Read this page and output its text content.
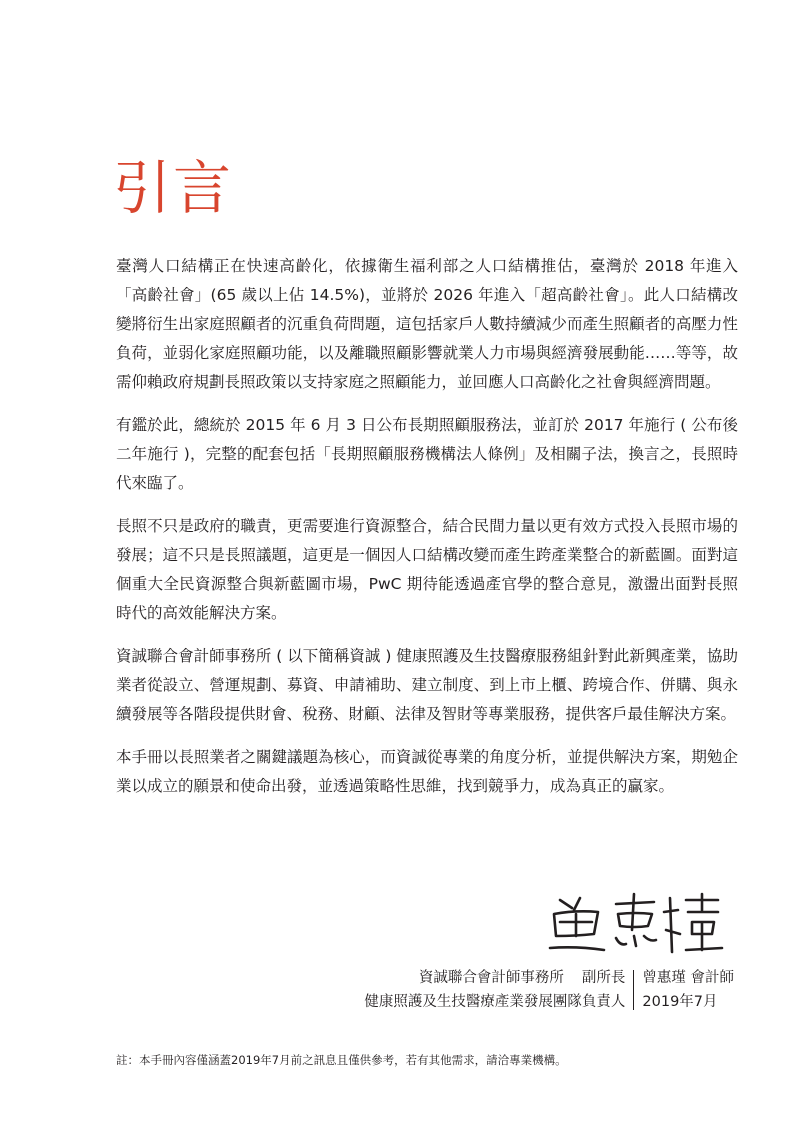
引言

臺灣人口結構正在快速高齡化，依據衛生福利部之人口結構推估，臺灣於 2018 年進入「高齡社會」(65 歲以上佔 14.5%)，並將於 2026 年進入「超高齡社會」。此人口結構改變將衍生出家庭照顧者的沉重負荷問題，這包括家戶人數持續減少而產生照顧者的高壓力性負荷，並弱化家庭照顧功能，以及離職照顧影響就業人力市場與經濟發展動能……等等，故需仰賴政府規劃長照政策以支持家庭之照顧能力，並回應人口高齡化之社會與經濟問題。

有鑑於此，總統於 2015 年 6 月 3 日公布長期照顧服務法，並訂於 2017 年施行 ( 公布後二年施行 )，完整的配套包括「長期照顧服務機構法人條例」及相關子法，換言之，長照時代來臨了。

長照不只是政府的職責，更需要進行資源整合，結合民間力量以更有效方式投入長照市場的發展；這不只是長照議題，這更是一個因人口結構改變而產生跨產業整合的新藍圖。面對這個重大全民資源整合與新藍圖市場，PwC 期待能透過產官學的整合意見，激盪出面對長照時代的高效能解決方案。

資誠聯合會計師事務所 ( 以下簡稱資誠 ) 健康照護及生技醫療服務組針對此新興產業，協助業者從設立、營運規劃、募資、申請補助、建立制度、到上市上櫃、跨境合作、併購、與永續發展等各階段提供財會、稅務、財顧、法律及智財等專業服務，提供客戶最佳解決方案。

本手冊以長照業者之關鍵議題為核心，而資誠從專業的角度分析，並提供解決方案，期勉企業以成立的願景和使命出發，並透過策略性思維，找到競爭力，成為真正的贏家。

資誠聯合會計師事務所 副所長
健康照護及生技醫療產業發展團隊負責人
曾惠瑾 會計師
2019年7月
註：本手冊內容僅涵蓋2019年7月前之訊息且僅供參考，若有其他需求，請洽專業機構。
